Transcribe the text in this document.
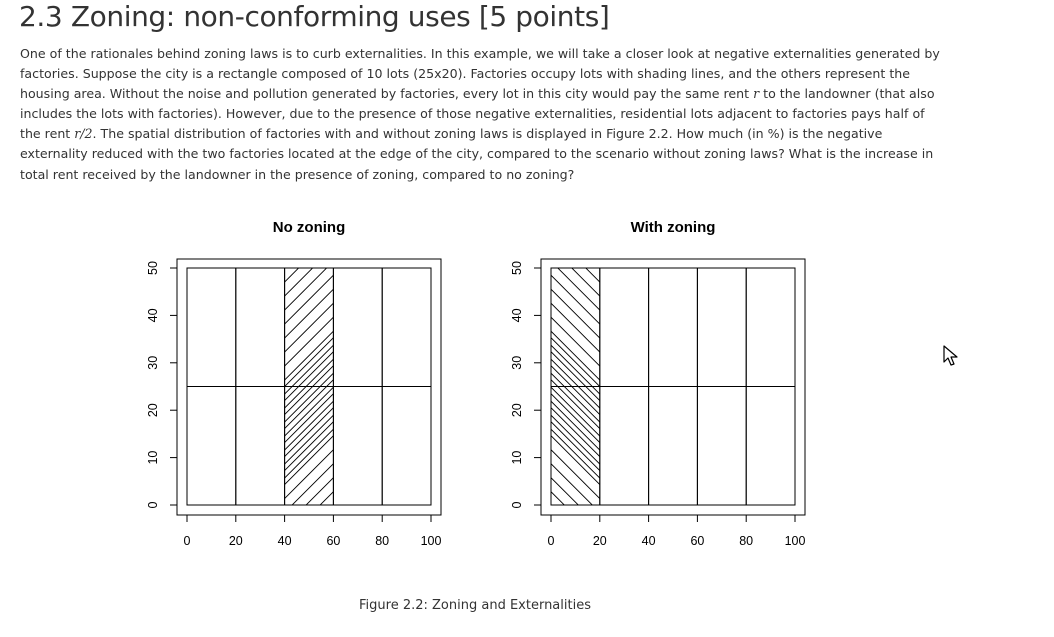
2.3 Zoning: non-conforming uses [5 points]

One of the rationales behind zoning laws is to curb externalities. In this example, we will take a closer look at negative externalities generated by factories. Suppose the city is a rectangle composed of 10 lots (25x20). Factories occupy lots with shading lines, and the others represent the housing area. Without the noise and pollution generated by factories, every lot in this city would pay the same rent r to the landowner (that also includes the lots with factories). However, due to the presence of those negative externalities, residential lots adjacent to factories pays half of the rent r/2. The spatial distribution of factories with and without zoning laws is displayed in Figure 2.2. How much (in %) is the negative externality reduced with the two factories located at the edge of the city, compared to the scenario without zoning laws? What is the increase in total rent received by the landowner in the presence of zoning, compared to no zoning?

No zoning
0	20	40	60	80	100
0
10
20
30
40
50
With zoning
0	20	40	60	80	100
0
10
20
30
40
50
Figure 2.2: Zoning and Externalities
